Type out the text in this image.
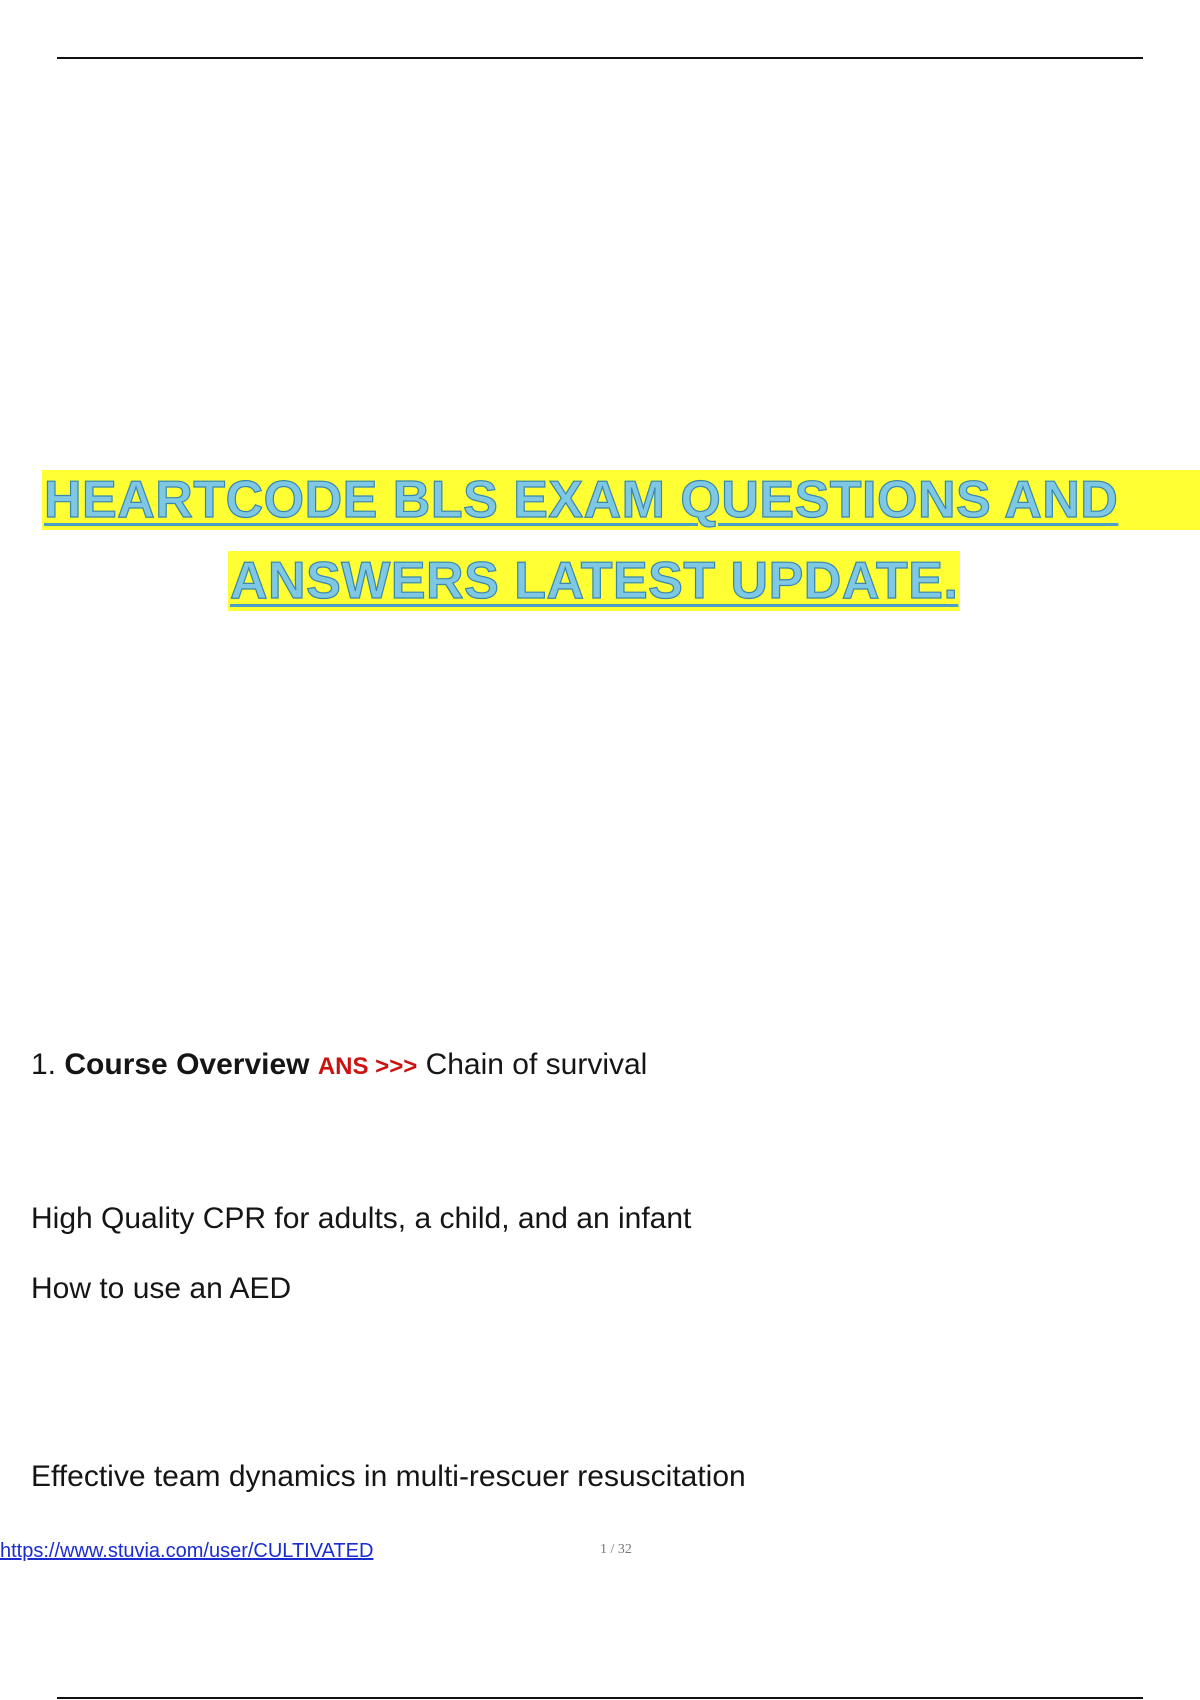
HEARTCODE BLS EXAM QUESTIONS AND
ANSWERS LATEST UPDATE.
1. Course Overview ANS >>> Chain of survival
High Quality CPR for adults, a child, and an infant
How to use an AED
Effective team dynamics in multi-rescuer resuscitation
https://www.stuvia.com/user/CULTIVATED	1 / 32
